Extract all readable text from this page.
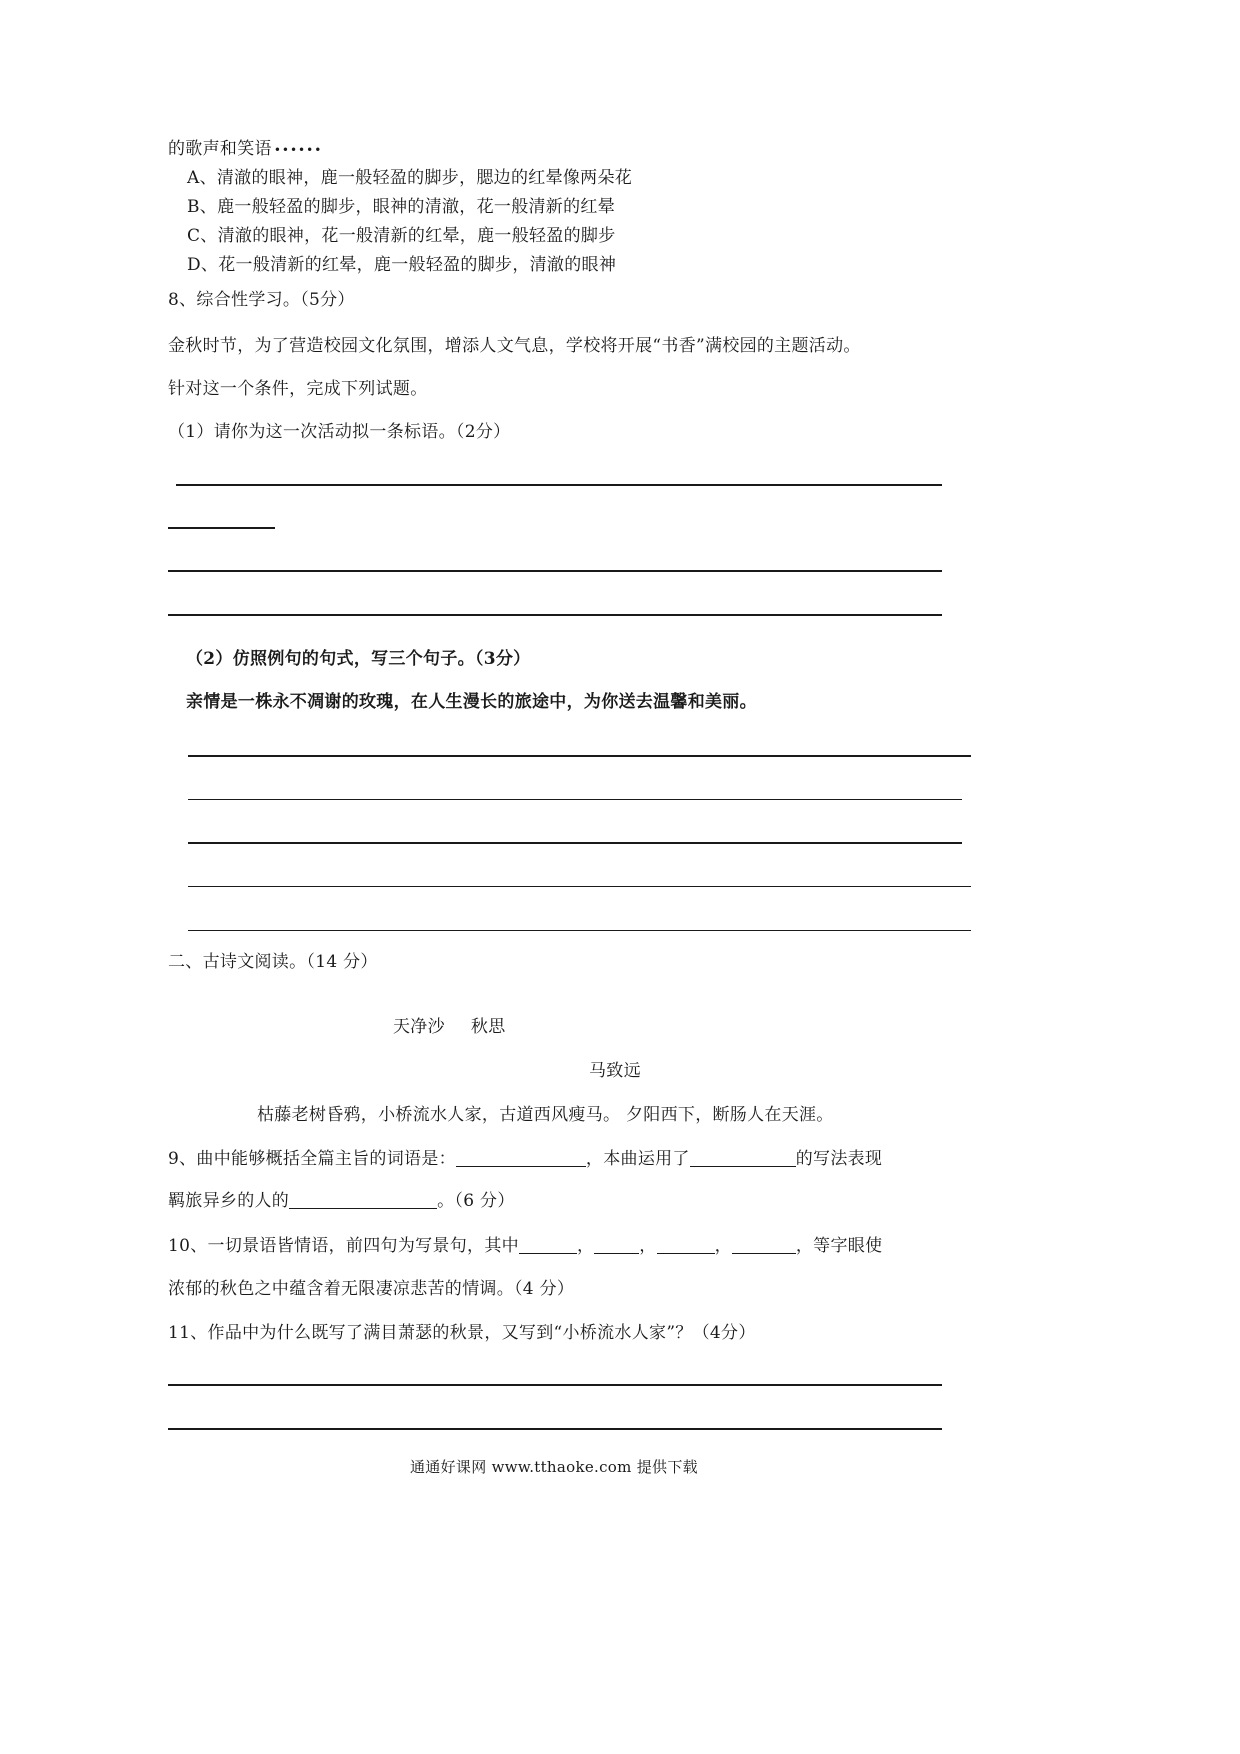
的歌声和笑语 ••••••
A、清澈的眼神，鹿一般轻盈的脚步，腮边的红晕像两朵花
B、鹿一般轻盈的脚步，眼神的清澈，花一般清新的红晕
C、清澈的眼神，花一般清新的红晕，鹿一般轻盈的脚步
D、花一般清新的红晕，鹿一般轻盈的脚步，清澈的眼神
8、综合性学习。（5分）
金秋时节，为了营造校园文化氛围，增添人文气息，学校将开展“书香”满校园的主题活动。
针对这一个条件，完成下列试题。
（1）请你为这一次活动拟一条标语。（2分）
（2）仿照例句的句式，写三个句子。（3分）
亲情是一株永不凋谢的玫瑰，在人生漫长的旅途中，为你送去温馨和美丽。
二、古诗文阅读。（14 分）
天净沙 秋思
马致远
枯藤老树昏鸦，小桥流水人家，古道西风瘦马。 夕阳西下，断肠人在天涯。
9、曲中能够概括全篇主旨的词语是：	，本曲运用了	的写法表现
羁旅异乡的人的	。（6 分）
10、一切景语皆情语，前四句为写景句，其中	，	，	，	，等字眼使
浓郁的秋色之中蕴含着无限凄凉悲苦的情调。（4 分）
11、作品中为什么既写了满目萧瑟的秋景，又写到“小桥流水人家”？（4分）
通通好课网 www.tthaoke.com 提供下载
